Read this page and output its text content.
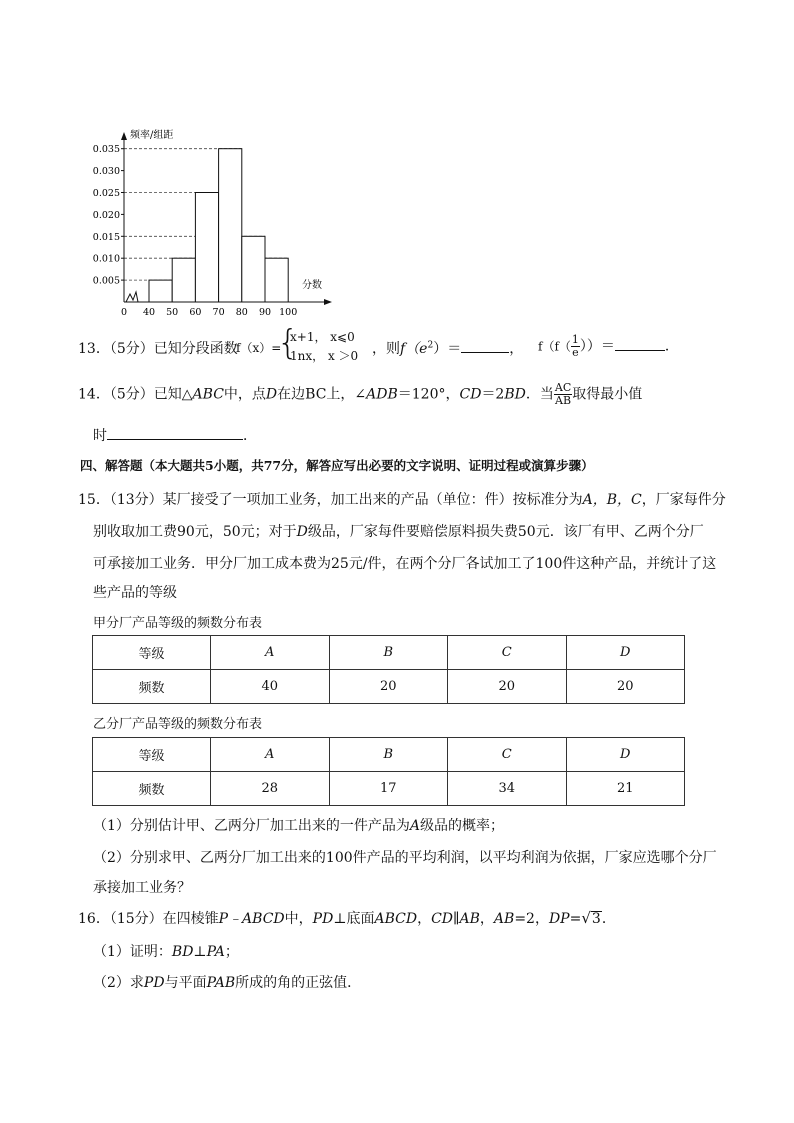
0.005
0.010
0.015
0.020
0.025
0.030
0.035
0 40 50 60 70 80 90 100
频率/组距
分数
13．（5分）已知分段函数
f（x）=
{
x+1， x⩽0
1nx， x ＞0 ，则$f(e^2)=$	， $f(f( \frac{1}{e}$ ））＝	．
14．（5分）已知△ABC中，点D在边BC上，∠ADB＝120°，CD＝2BD．当 $\frac{AC}{AB}$ 取得最小值
时	．
四、解答题（本大题共5小题，共77分，解答应写出必要的文字说明、证明过程或演算步骤）
15．（13分）某厂接受了一项加工业务，加工出来的产品（单位：件）按标准分为A，B，C，厂家每件分
别收取加工费90元，50元；对于D级品，厂家每件要赔偿原料损失费50元．该厂有甲、乙两个分厂
可承接加工业务．甲分厂加工成本费为25元/件，在两个分厂各试加工了100件这种产品，并统计了这
些产品的等级
甲分厂产品等级的频数分布表
等级	A	B	C	D
频数	40	20	20	20
乙分厂产品等级的频数分布表
等级	A	B	C	D
频数	28	17	34	21
（1）分别估计甲、乙两分厂加工出来的一件产品为A级品的概率；
（2）分别求甲、乙两分厂加工出来的100件产品的平均利润，以平均利润为依据，厂家应选哪个分厂
承接加工业务？
16．（15分）在四棱锥P﹣ABCD中，PD⊥底面ABCD，CD∥AB，AB=2，DP=√3．
（1）证明：BD⊥PA；
（2）求PD与平面PAB所成的角的正弦值．
